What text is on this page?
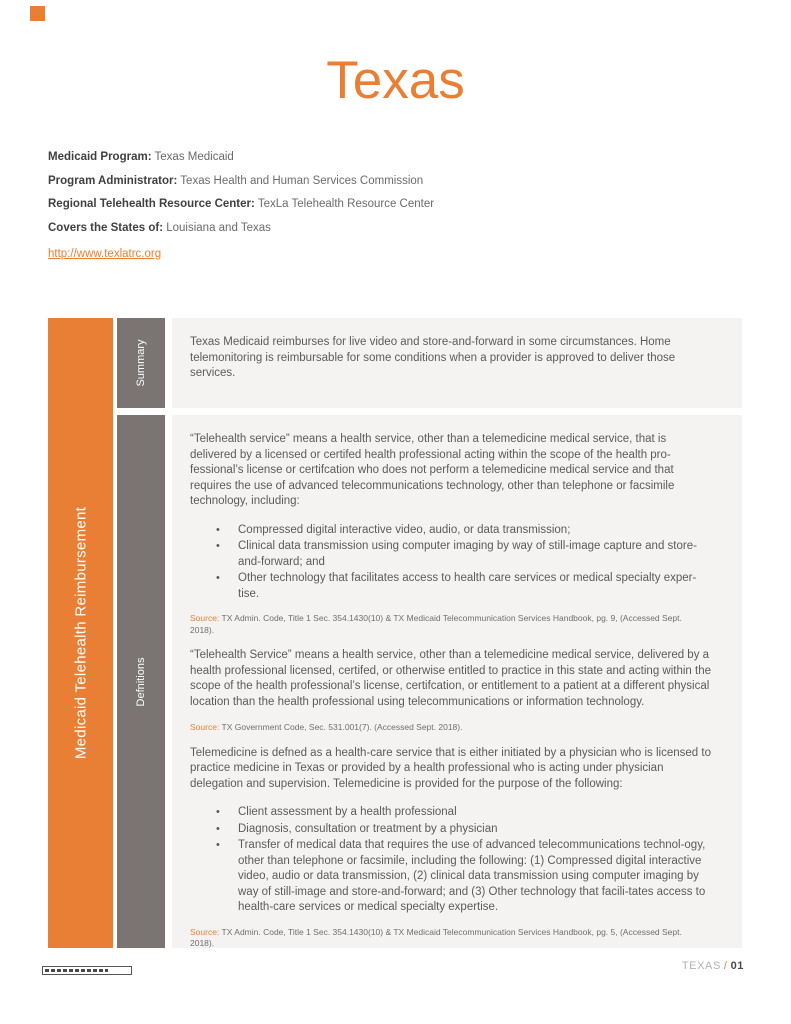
Texas
Medicaid Program: Texas Medicaid
Program Administrator: Texas Health and Human Services Commission
Regional Telehealth Resource Center: TexLa Telehealth Resource Center
Covers the States of: Louisiana and Texas
http://www.texlatrc.org
Medicaid Telehealth Reimbursement
Summary	Texas Medicaid reimburses for live video and store-and-forward in some circumstances. Home telemonitoring is reimbursable for some conditions when a provider is approved to deliver those services.

Defnitions

“Telehealth service” means a health service, other than a telemedicine medical service, that is delivered by a licensed or certifed health professional acting within the scope of the health pro-fessional’s license or certifcation who does not perform a telemedicine medical service and that requires the use of advanced telecommunications technology, other than telephone or facsimile technology, including:

• Compressed digital interactive video, audio, or data transmission;
• Clinical data transmission using computer imaging by way of still-image capture and store-and-forward; and
• Other technology that facilitates access to health care services or medical specialty exper-tise.

Source: TX Admin. Code, Title 1 Sec. 354.1430(10) & TX Medicaid Telecommunication Services Handbook, pg. 9, (Accessed Sept. 2018).

“Telehealth Service” means a health service, other than a telemedicine medical service, delivered by a health professional licensed, certifed, or otherwise entitled to practice in this state and acting within the scope of the health professional’s license, certifcation, or entitlement to a patient at a different physical location than the health professional using telecommunications or information technology.

Source: TX Government Code, Sec. 531.001(7). (Accessed Sept. 2018).

Telemedicine is defned as a health-care service that is either initiated by a physician who is licensed to practice medicine in Texas or provided by a health professional who is acting under physician delegation and supervision. Telemedicine is provided for the purpose of the following:

• Client assessment by a health professional
• Diagnosis, consultation or treatment by a physician
• Transfer of medical data that requires the use of advanced telecommunications technol-ogy, other than telephone or facsimile, including the following: (1) Compressed digital interactive video, audio or data transmission, (2) clinical data transmission using computer imaging by way of still-image and store-and-forward; and (3) Other technology that facili-tates access to health-care services or medical specialty expertise.

Source: TX Admin. Code, Title 1 Sec. 354.1430(10) & TX Medicaid Telecommunication Services Handbook, pg. 5, (Accessed Sept. 2018).

TEXAS / 01
